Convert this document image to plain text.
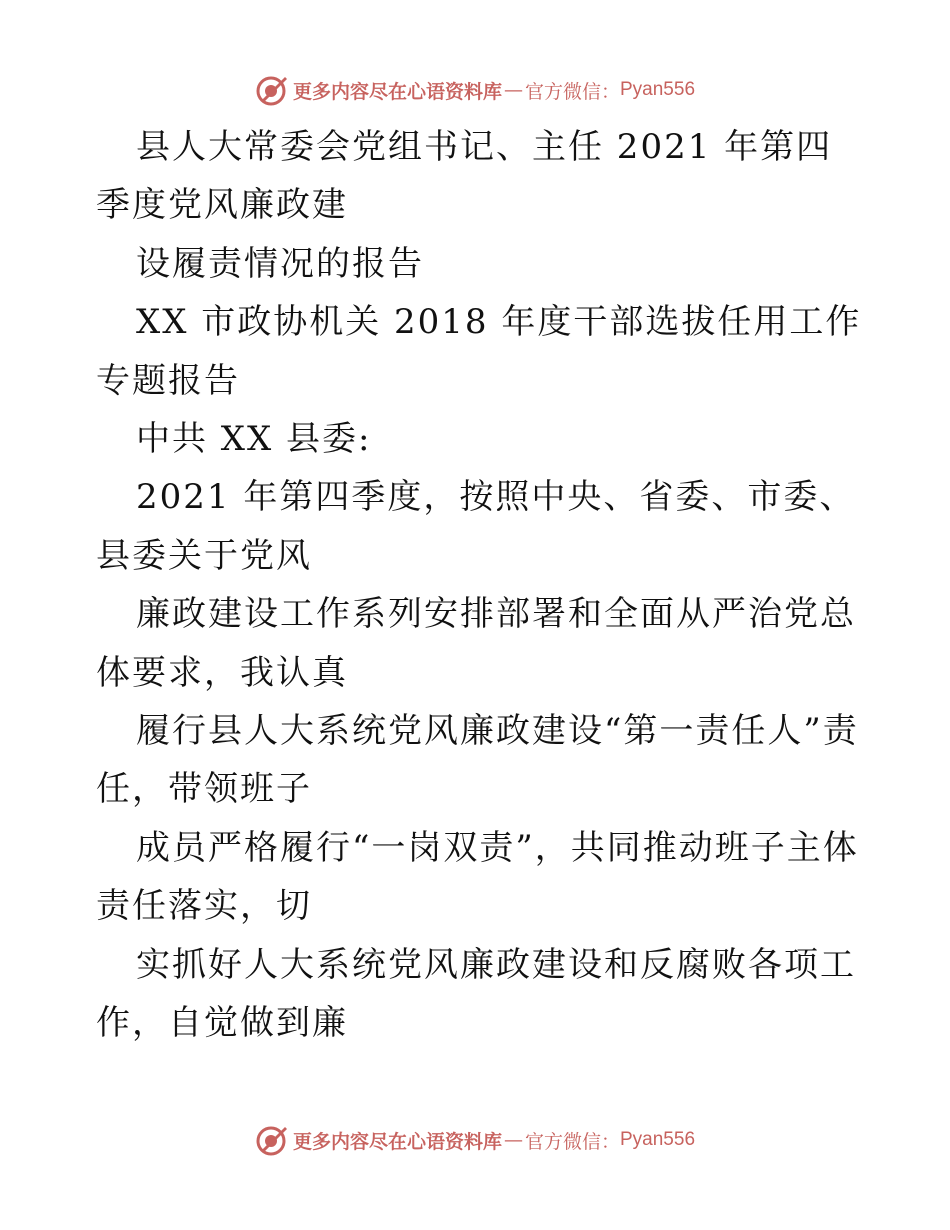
更多内容尽在心语资料库 — 官方微信： Pyan556

县人大常委会党组书记、主任 2021 年第四季度党风廉政建

设履责情况的报告

XX 市政协机关 2018 年度干部选拔任用工作专题报告

中共 XX 县委:

2021 年第四季度，按照中央、省委、市委、县委关于党风

廉政建设工作系列安排部署和全面从严治党总体要求，我认真

履行县人大系统党风廉政建设“第一责任人”责任，带领班子

成员严格履行“一岗双责”，共同推动班子主体责任落实，切

实抓好人大系统党风廉政建设和反腐败各项工作，自觉做到廉

更多内容尽在心语资料库 — 官方微信： Pyan556
